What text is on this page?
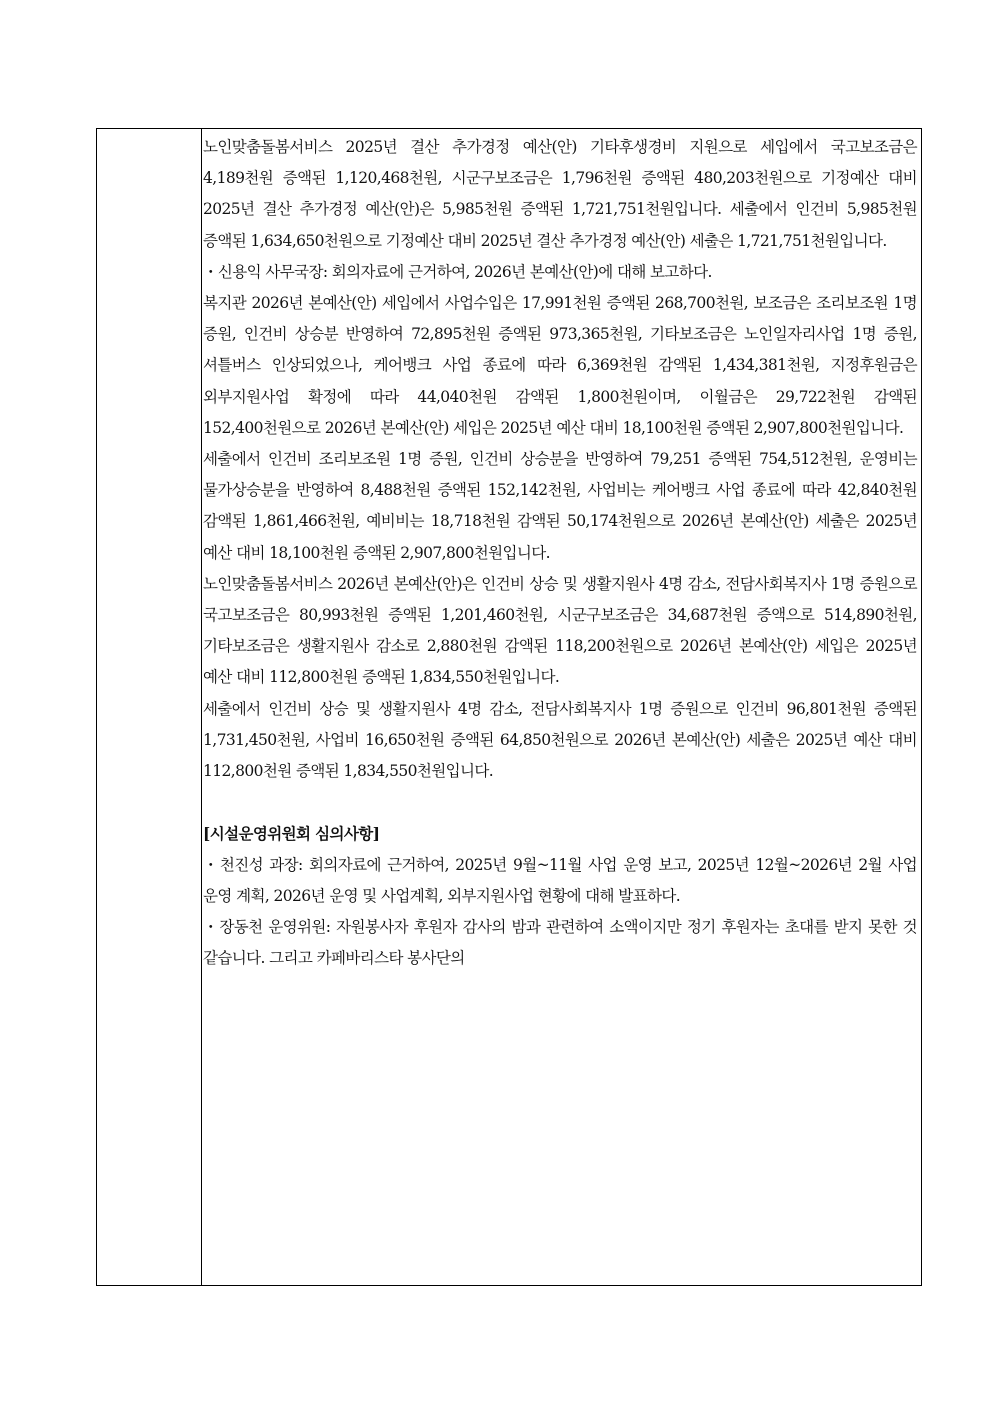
노인맞춤돌봄서비스 2025년 결산 추가경정 예산(안) 기타후생경비 지원으로 세입에서 국고보조금은 4,189천원 증액된 1,120,468천원, 시군구보조금은 1,796천원 증액된 480,203천원으로 기정예산 대비 2025년 결산 추가경정 예산(안)은 5,985천원 증액된 1,721,751천원입니다. 세출에서 인건비 5,985천원 증액된 1,634,650천원으로 기정예산 대비 2025년 결산 추가경정 예산(안) 세출은 1,721,751천원입니다.

・신용익 사무국장: 회의자료에 근거하여, 2026년 본예산(안)에 대해 보고하다.

복지관 2026년 본예산(안) 세입에서 사업수입은 17,991천원 증액된 268,700천원, 보조금은 조리보조원 1명 증원, 인건비 상승분 반영하여 72,895천원 증액된 973,365천원, 기타보조금은 노인일자리사업 1명 증원, 셔틀버스 인상되었으나, 케어뱅크 사업 종료에 따라 6,369천원 감액된 1,434,381천원, 지정후원금은 외부지원사업 확정에 따라 44,040천원 감액된 1,800천원이며, 이월금은 29,722천원 감액된 152,400천원으로 2026년 본예산(안) 세입은 2025년 예산 대비 18,100천원 증액된 2,907,800천원입니다.

세출에서 인건비 조리보조원 1명 증원, 인건비 상승분을 반영하여 79,251 증액된 754,512천원, 운영비는 물가상승분을 반영하여 8,488천원 증액된 152,142천원, 사업비는 케어뱅크 사업 종료에 따라 42,840천원 감액된 1,861,466천원, 예비비는 18,718천원 감액된 50,174천원으로 2026년 본예산(안) 세출은 2025년 예산 대비 18,100천원 증액된 2,907,800천원입니다.

노인맞춤돌봄서비스 2026년 본예산(안)은 인건비 상승 및 생활지원사 4명 감소, 전담사회복지사 1명 증원으로 국고보조금은 80,993천원 증액된 1,201,460천원, 시군구보조금은 34,687천원 증액으로 514,890천원, 기타보조금은 생활지원사 감소로 2,880천원 감액된 118,200천원으로 2026년 본예산(안) 세입은 2025년 예산 대비 112,800천원 증액된 1,834,550천원입니다.

세출에서 인건비 상승 및 생활지원사 4명 감소, 전담사회복지사 1명 증원으로 인건비 96,801천원 증액된 1,731,450천원, 사업비 16,650천원 증액된 64,850천원으로 2026년 본예산(안) 세출은 2025년 예산 대비 112,800천원 증액된 1,834,550천원입니다.

[시설운영위원회 심의사항]

・천진성 과장: 회의자료에 근거하여, 2025년 9월~11월 사업 운영 보고, 2025년 12월~2026년 2월 사업 운영 계획, 2026년 운영 및 사업계획, 외부지원사업 현황에 대해 발표하다.

・장동천 운영위원: 자원봉사자 후원자 감사의 밤과 관련하여 소액이지만 정기 후원자는 초대를 받지 못한 것 같습니다. 그리고 카페바리스타 봉사단의
